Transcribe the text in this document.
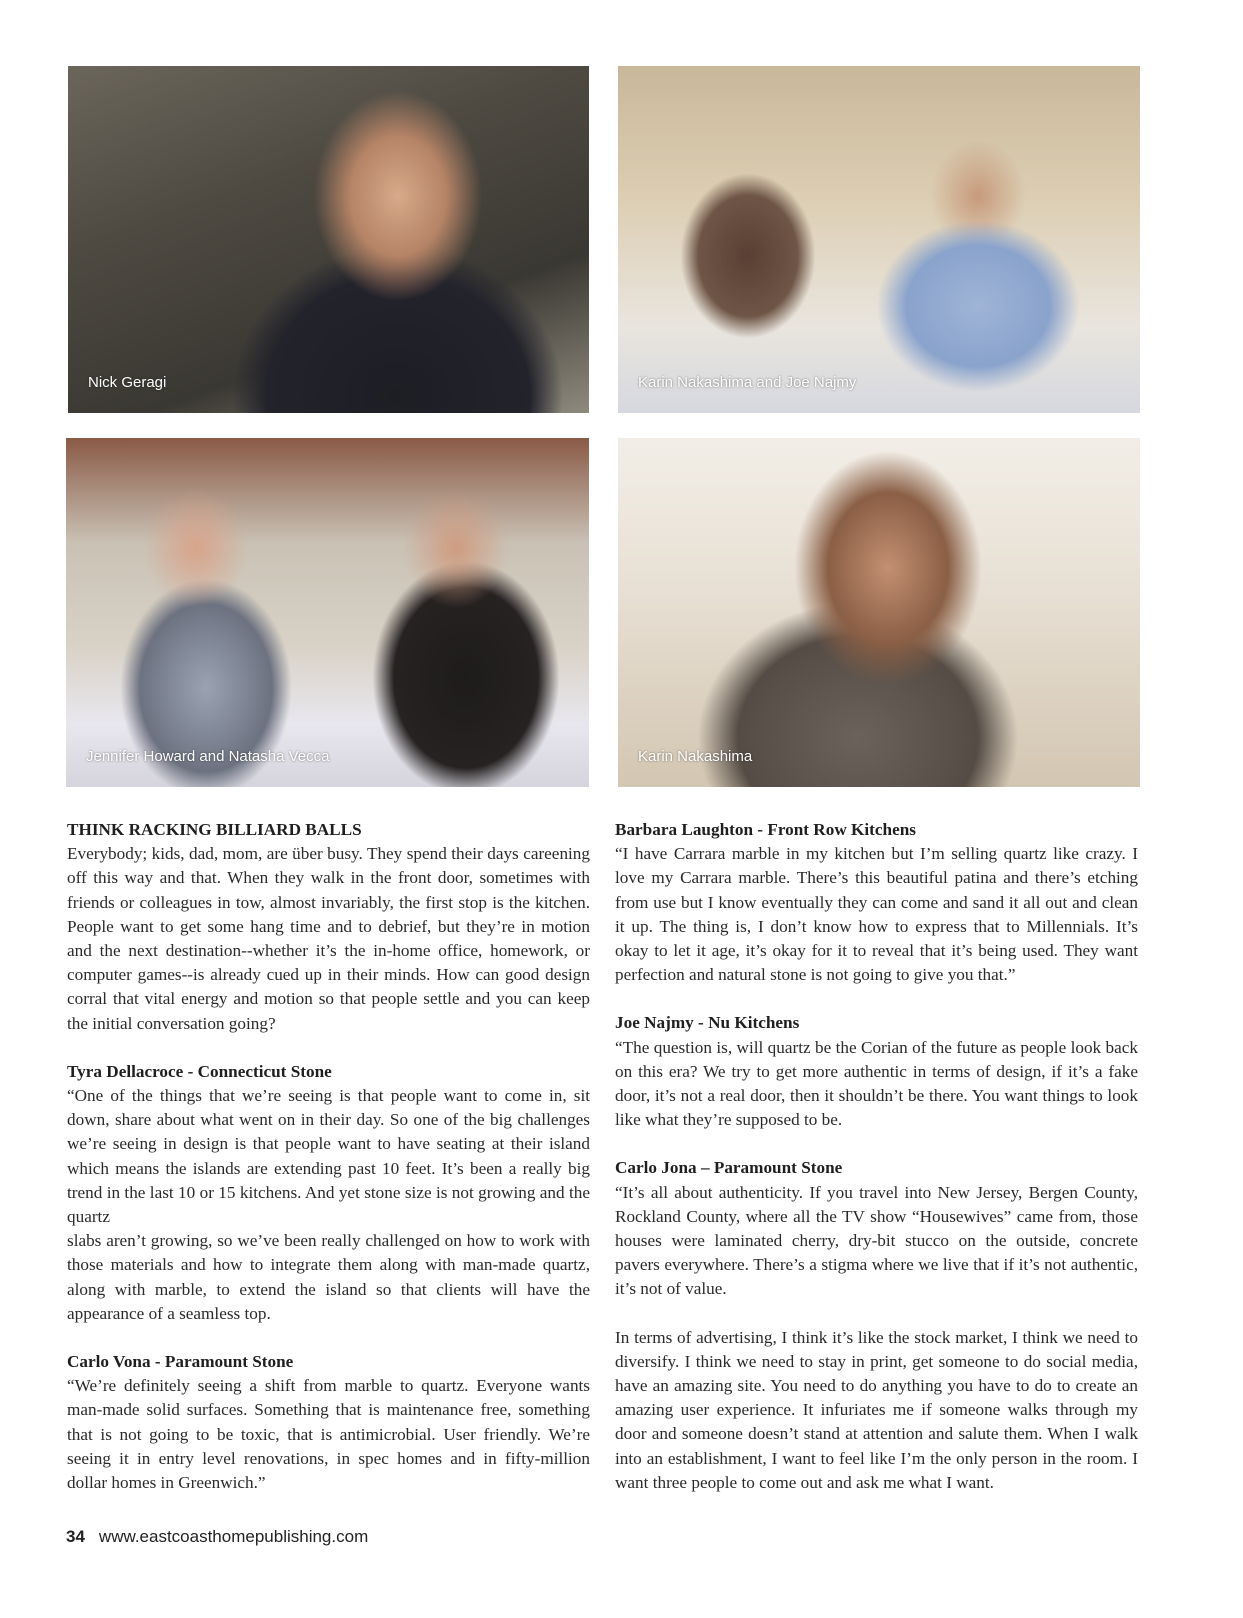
Nick Geragi	Karin Nakashima and Joe Najmy
Jennifer Howard and Natasha Vecca	Karin Nakashima
THINK RACKING BILLIARD BALLS

Everybody; kids, dad, mom, are über busy. They spend their days careening off this way and that. When they walk in the front door, sometimes with friends or colleagues in tow, almost invariably, the first stop is the kitchen. People want to get some hang time and to debrief, but they’re in motion and the next destination--whether it’s the in-home office, homework, or computer games--is already cued up in their minds. How can good design corral that vital energy and motion so that people settle and you can keep the initial conversation going?

Tyra Dellacroce - Connecticut Stone

“One of the things that we’re seeing is that people want to come in, sit down, share about what went on in their day. So one of the big challenges we’re seeing in design is that people want to have seating at their island which means the islands are extending past 10 feet. It’s been a really big trend in the last 10 or 15 kitchens. And yet stone size is not growing and the quartz

slabs aren’t growing, so we’ve been really challenged on how to work with those materials and how to integrate them along with man-made quartz, along with marble, to extend the island so that clients will have the appearance of a seamless top.

Carlo Vona - Paramount Stone

“We’re definitely seeing a shift from marble to quartz. Everyone wants man-made solid surfaces. Something that is maintenance free, something that is not going to be toxic, that is antimicrobial. User friendly. We’re seeing it in entry level renovations, in spec homes and in fifty-million dollar homes in Greenwich.”

Barbara Laughton - Front Row Kitchens

“I have Carrara marble in my kitchen but I’m selling quartz like crazy. I love my Carrara marble. There’s this beautiful patina and there’s etching from use but I know eventually they can come and sand it all out and clean it up. The thing is, I don’t know how to express that to Millennials. It’s okay to let it age, it’s okay for it to reveal that it’s being used. They want perfection and natural stone is not going to give you that.”

Joe Najmy - Nu Kitchens

“The question is, will quartz be the Corian of the future as people look back on this era? We try to get more authentic in terms of design, if it’s a fake door, it’s not a real door, then it shouldn’t be there. You want things to look like what they’re supposed to be.

Carlo Jona – Paramount Stone

“It’s all about authenticity. If you travel into New Jersey, Bergen County, Rockland County, where all the TV show “Housewives” came from, those houses were laminated cherry, dry-bit stucco on the outside, concrete pavers everywhere. There’s a stigma where we live that if it’s not authentic, it’s not of value.

In terms of advertising, I think it’s like the stock market, I think we need to diversify. I think we need to stay in print, get someone to do social media, have an amazing site. You need to do anything you have to do to create an amazing user experience. It infuriates me if someone walks through my door and someone doesn’t stand at attention and salute them. When I walk into an establishment, I want to feel like I’m the only person in the room. I want three people to come out and ask me what I want.

34 www.eastcoasthomepublishing.com
